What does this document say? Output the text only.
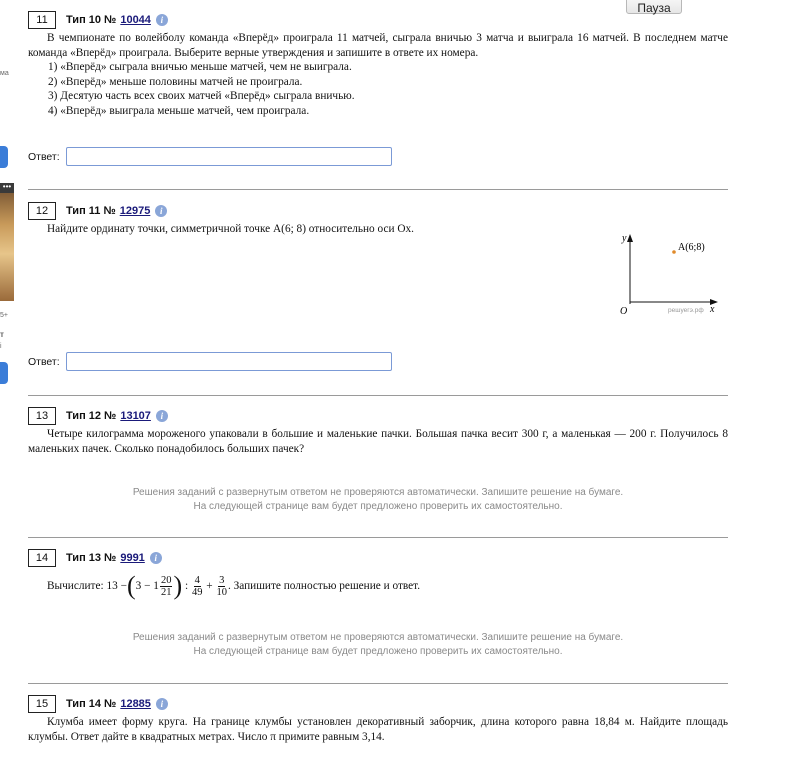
ма
•••
5+
т
і
Пауза
11	Тип 10 № 10044	i
В чемпионате по волейболу команда «Вперёд» проиграла 11 матчей, сыграла вничью 3 матча и выиграла 16 матчей. В последнем матче команда «Вперёд» проиграла. Выберите верные утверждения и запишите в ответе их номера.
1) «Вперёд» сыграла вничью меньше матчей, чем не выиграла.
2) «Вперёд» меньше половины матчей не проиграла.
3) Десятую часть всех своих матчей «Вперёд» сыграла вничью.
4) «Вперёд» выиграла меньше матчей, чем проиграла.
Ответ:
12	Тип 11 № 12975	i
Найдите ординату точки, симметричной точке A(6; 8) относительно оси Ox.
y
x
O
A(6;8)
решуегэ.рф
Ответ:
13	Тип 12 № 13107	i
Четыре килограмма мороженого упаковали в большие и маленькие пачки. Большая пачка весит 300 г, а маленькая — 200 г. Получилось 8 маленьких пачек. Сколько понадобилось больших пачек?
Решения заданий с развернутым ответом не проверяются автоматически. Запишите решение на бумаге.
На следующей странице вам будет предложено проверить их самостоятельно.
14	Тип 13 № 9991	i
Вычислите:
13 − ( $3 - 1 \frac{20}{21}$ )
:
$\frac{4}{49}$
+
$\frac{3}{10}$ . Запишите полностью решение и ответ.
Решения заданий с развернутым ответом не проверяются автоматически. Запишите решение на бумаге.
На следующей странице вам будет предложено проверить их самостоятельно.
15	Тип 14 № 12885	i
Клумба имеет форму круга. На границе клумбы установлен декоративный заборчик, длина которого равна 18,84 м. Найдите площадь клумбы. Ответ дайте в квадратных метрах. Число π примите равным 3,14.
